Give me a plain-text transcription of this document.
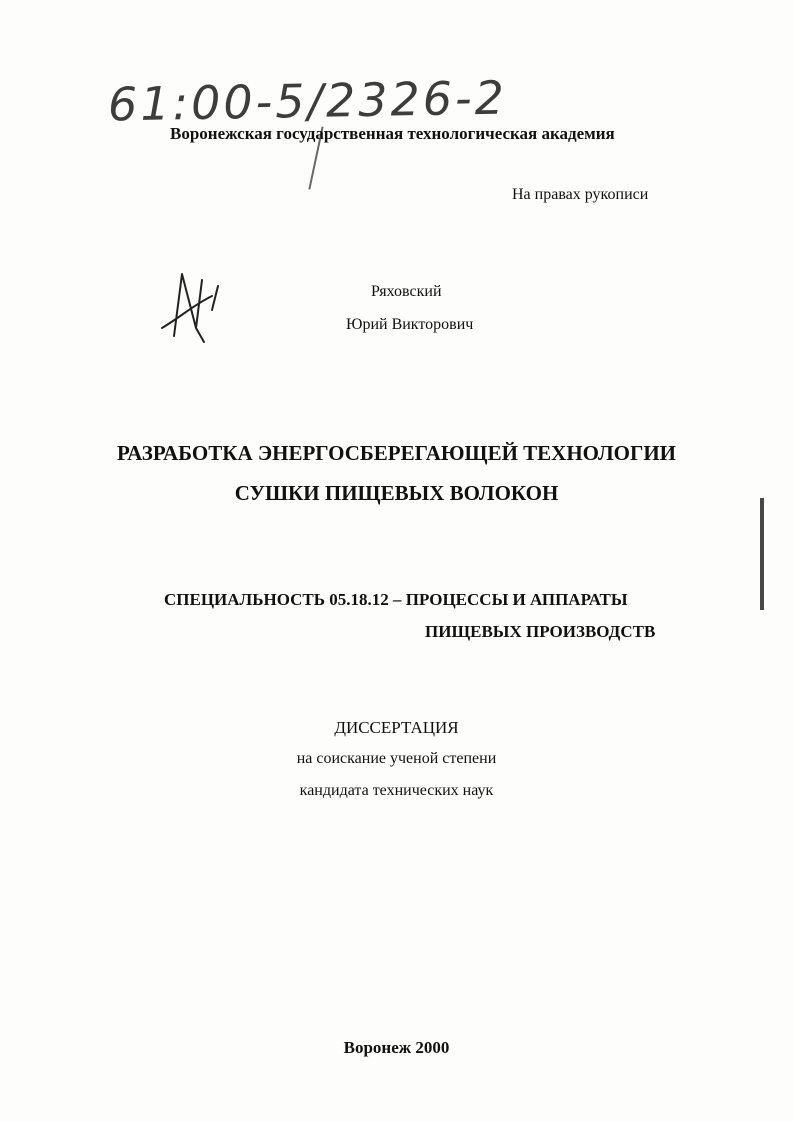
61:00-5/2326-2
Воронежская государственная технологическая академия
На правах рукописи
Ряховский
Юрий Викторович
РАЗРАБОТКА ЭНЕРГОСБЕРЕГАЮЩЕЙ ТЕХНОЛОГИИ
СУШКИ ПИЩЕВЫХ ВОЛОКОН
СПЕЦИАЛЬНОСТЬ 05.18.12 – ПРОЦЕССЫ И АППАРАТЫ
ПИЩЕВЫХ ПРОИЗВОДСТВ
ДИССЕРТАЦИЯ
на соискание ученой степени
кандидата технических наук
Воронеж 2000
